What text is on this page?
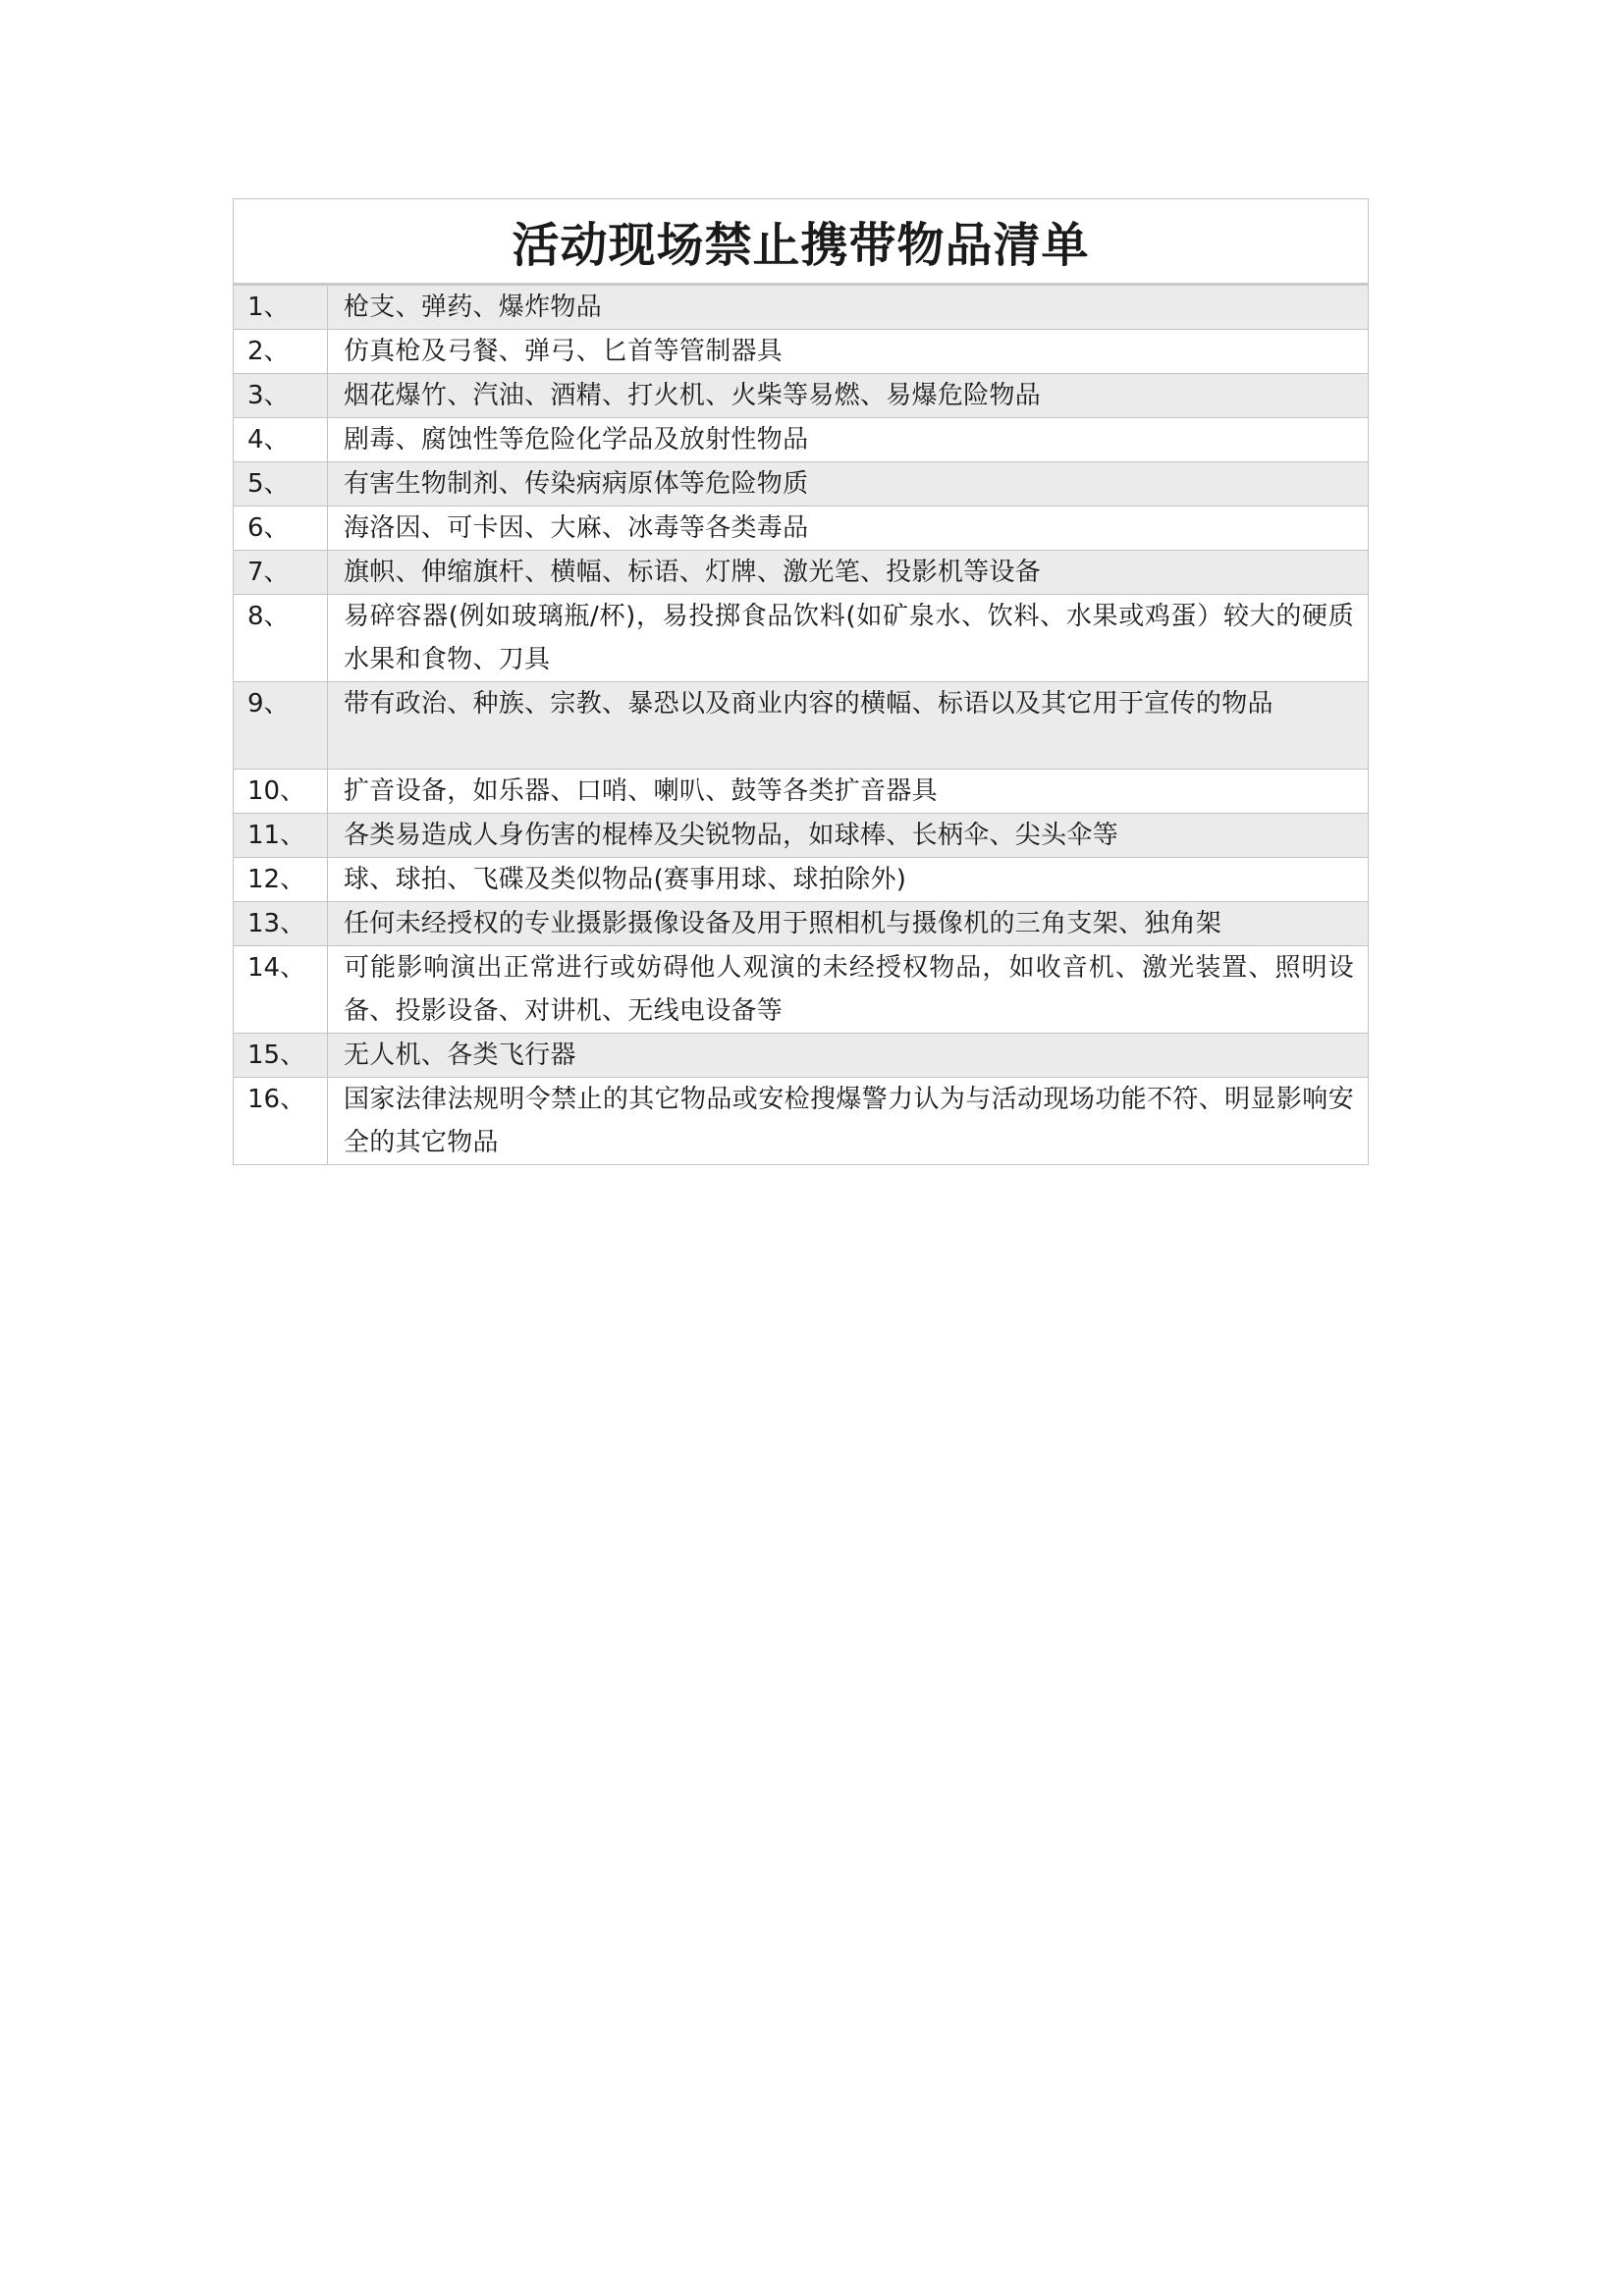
活动现场禁止携带物品清单
1、	枪支、弹药、爆炸物品
2、	仿真枪及弓餐、弹弓、匕首等管制器具
3、	烟花爆竹、汽油、酒精、打火机、火柴等易燃、易爆危险物品
4、	剧毒、腐蚀性等危险化学品及放射性物品
5、	有害生物制剂、传染病病原体等危险物质
6、	海洛因、可卡因、大麻、冰毒等各类毒品
7、	旗帜、伸缩旗杆、横幅、标语、灯牌、激光笔、投影机等设备
8、	易碎容器(例如玻璃瓶/杯)，易投掷食品饮料(如矿泉水、饮料、水果或鸡蛋）较大的硬质水果和食物、刀具
9、	带有政治、种族、宗教、暴恐以及商业内容的横幅、标语以及其它用于宣传的物品
10、	扩音设备，如乐器、口哨、喇叭、鼓等各类扩音器具
11、	各类易造成人身伤害的棍棒及尖锐物品，如球棒、长柄伞、尖头伞等
12、	球、球拍、飞碟及类似物品(赛事用球、球拍除外)
13、	任何未经授权的专业摄影摄像设备及用于照相机与摄像机的三角支架、独角架
14、	可能影响演出正常进行或妨碍他人观演的未经授权物品，如收音机、激光装置、照明设备、投影设备、对讲机、无线电设备等
15、	无人机、各类飞行器
16、	国家法律法规明令禁止的其它物品或安检搜爆警力认为与活动现场功能不符、明显影响安全的其它物品
